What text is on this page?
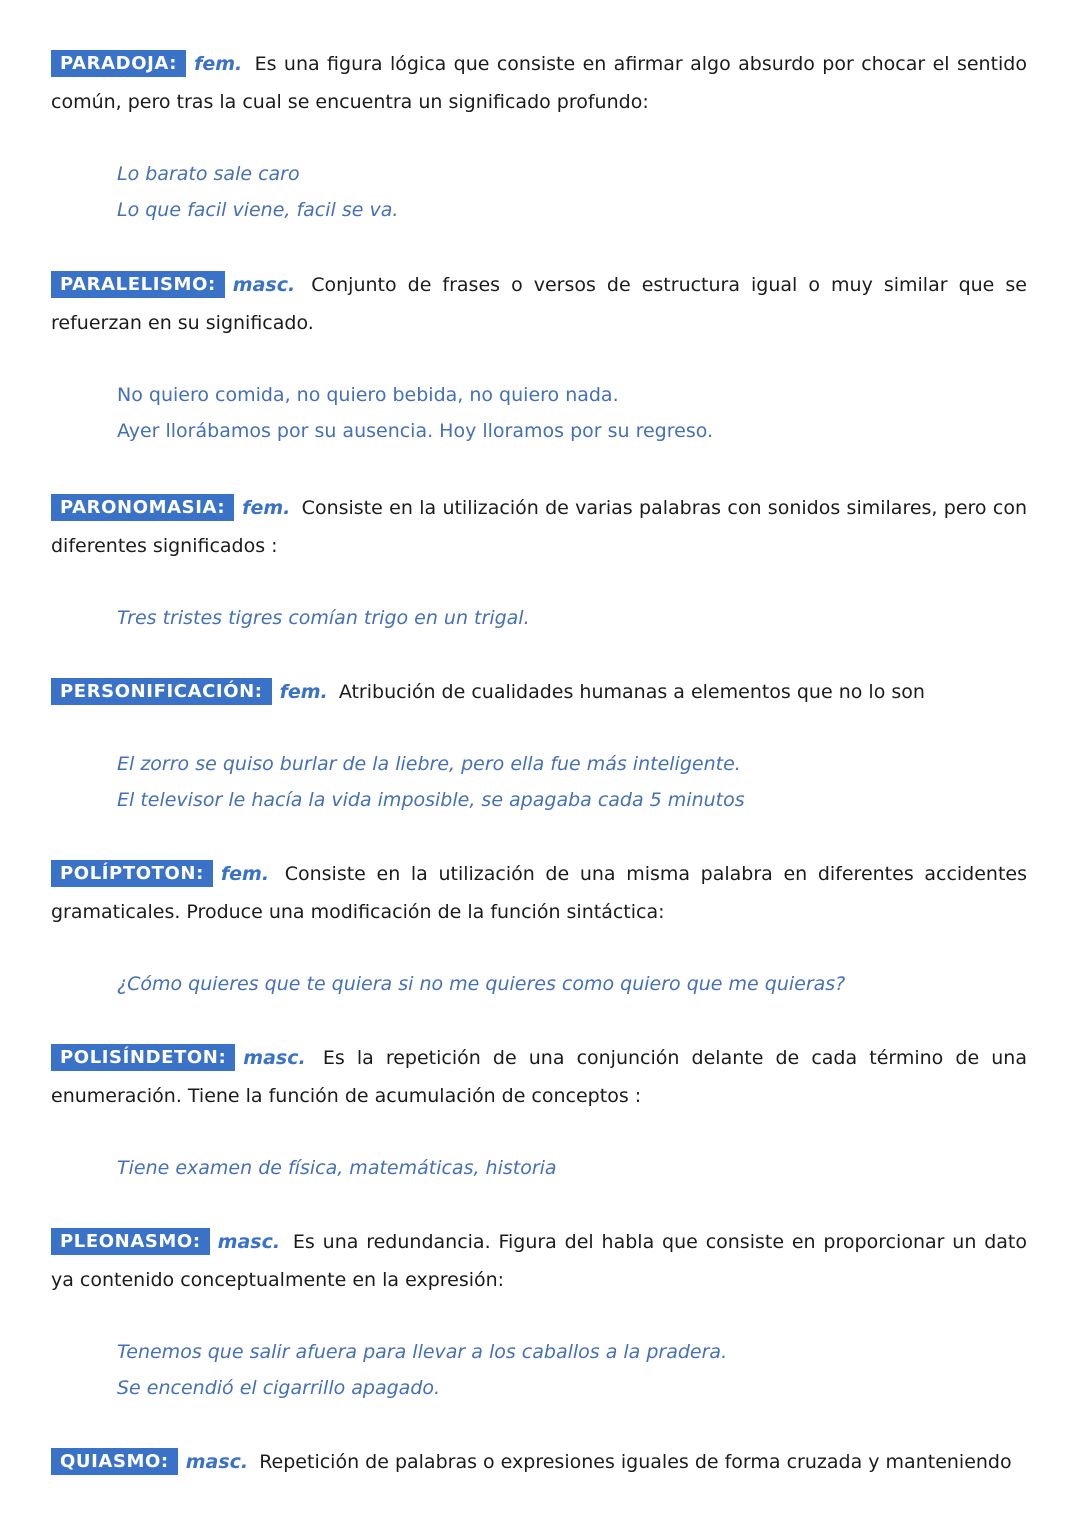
PARADOJA: fem. Es una figura lógica que consiste en afirmar algo absurdo por chocar el sentido común, pero tras la cual se encuentra un significado profundo:

Lo barato sale caro

Lo que facil viene, facil se va.

PARALELISMO: masc. Conjunto de frases o versos de estructura igual o muy similar que se refuerzan en su significado.

No quiero comida, no quiero bebida, no quiero nada.

Ayer llorábamos por su ausencia. Hoy lloramos por su regreso.

PARONOMASIA: fem. Consiste en la utilización de varias palabras con sonidos similares, pero con diferentes significados :

Tres tristes tigres comían trigo en un trigal.

PERSONIFICACIÓN: fem. Atribución de cualidades humanas a elementos que no lo son

El zorro se quiso burlar de la liebre, pero ella fue más inteligente.

El televisor le hacía la vida imposible, se apagaba cada 5 minutos

POLÍPTOTON: fem. Consiste en la utilización de una misma palabra en diferentes accidentes gramaticales. Produce una modificación de la función sintáctica:

¿Cómo quieres que te quiera si no me quieres como quiero que me quieras?

POLISÍNDETON: masc. Es la repetición de una conjunción delante de cada término de una enumeración. Tiene la función de acumulación de conceptos :

Tiene examen de física, matemáticas, historia

PLEONASMO: masc. Es una redundancia. Figura del habla que consiste en proporcionar un dato ya contenido conceptualmente en la expresión:

Tenemos que salir afuera para llevar a los caballos a la pradera.

Se encendió el cigarrillo apagado.

QUIASMO: masc. Repetición de palabras o expresiones iguales de forma cruzada y manteniendo
